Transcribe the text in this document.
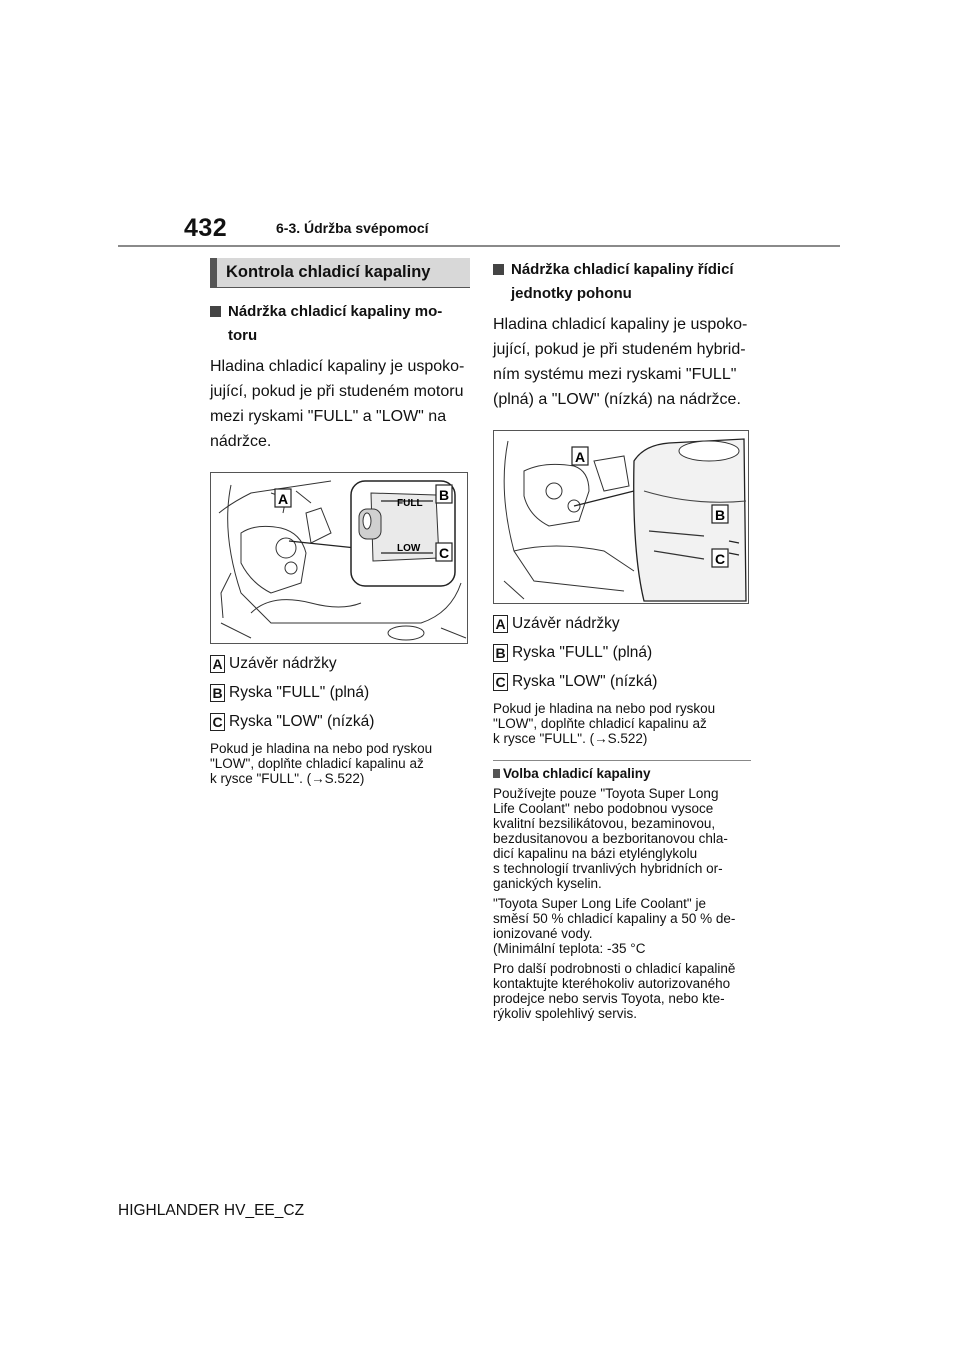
432	6-3. Údržba svépomocí
Kontrola chladicí kapaliny
Nádržka chladicí kapaliny mo-
toru
Hladina chladicí kapaliny je uspoko-
jující, pokud je při studeném motoru
mezi ryskami "FULL" a "LOW" na
nádržce.
FULL
LOW
A	B
C
A Uzávěr nádržky
B Ryska "FULL" (plná)
C Ryska "LOW" (nízká)
Pokud je hladina na nebo pod ryskou
"LOW", doplňte chladicí kapalinu až
k rysce "FULL". (→S.522)
Nádržka chladicí kapaliny řídicí
jednotky pohonu
Hladina chladicí kapaliny je uspoko-
jující, pokud je při studeném hybrid-
ním systému mezi ryskami "FULL"
(plná) a "LOW" (nízká) na nádržce.
A
B
C
A Uzávěr nádržky
B Ryska "FULL" (plná)
C Ryska "LOW" (nízká)
Pokud je hladina na nebo pod ryskou
"LOW", doplňte chladicí kapalinu až
k rysce "FULL". (→S.522)
Volba chladicí kapaliny
Používejte pouze "Toyota Super Long
Life Coolant" nebo podobnou vysoce
kvalitní bezsilikátovou, bezaminovou,
bezdusitanovou a bezboritanovou chla-
dicí kapalinu na bázi etylénglykolu
s technologií trvanlivých hybridních or-
ganických kyselin.
"Toyota Super Long Life Coolant" je
směsí 50 % chladicí kapaliny a 50 % de-
ionizované vody.
(Minimální teplota: -35 °C
Pro další podrobnosti o chladicí kapalině
kontaktujte kteréhokoliv autorizovaného
prodejce nebo servis Toyota, nebo kte-
rýkoliv spolehlivý servis.
HIGHLANDER HV_EE_CZ
